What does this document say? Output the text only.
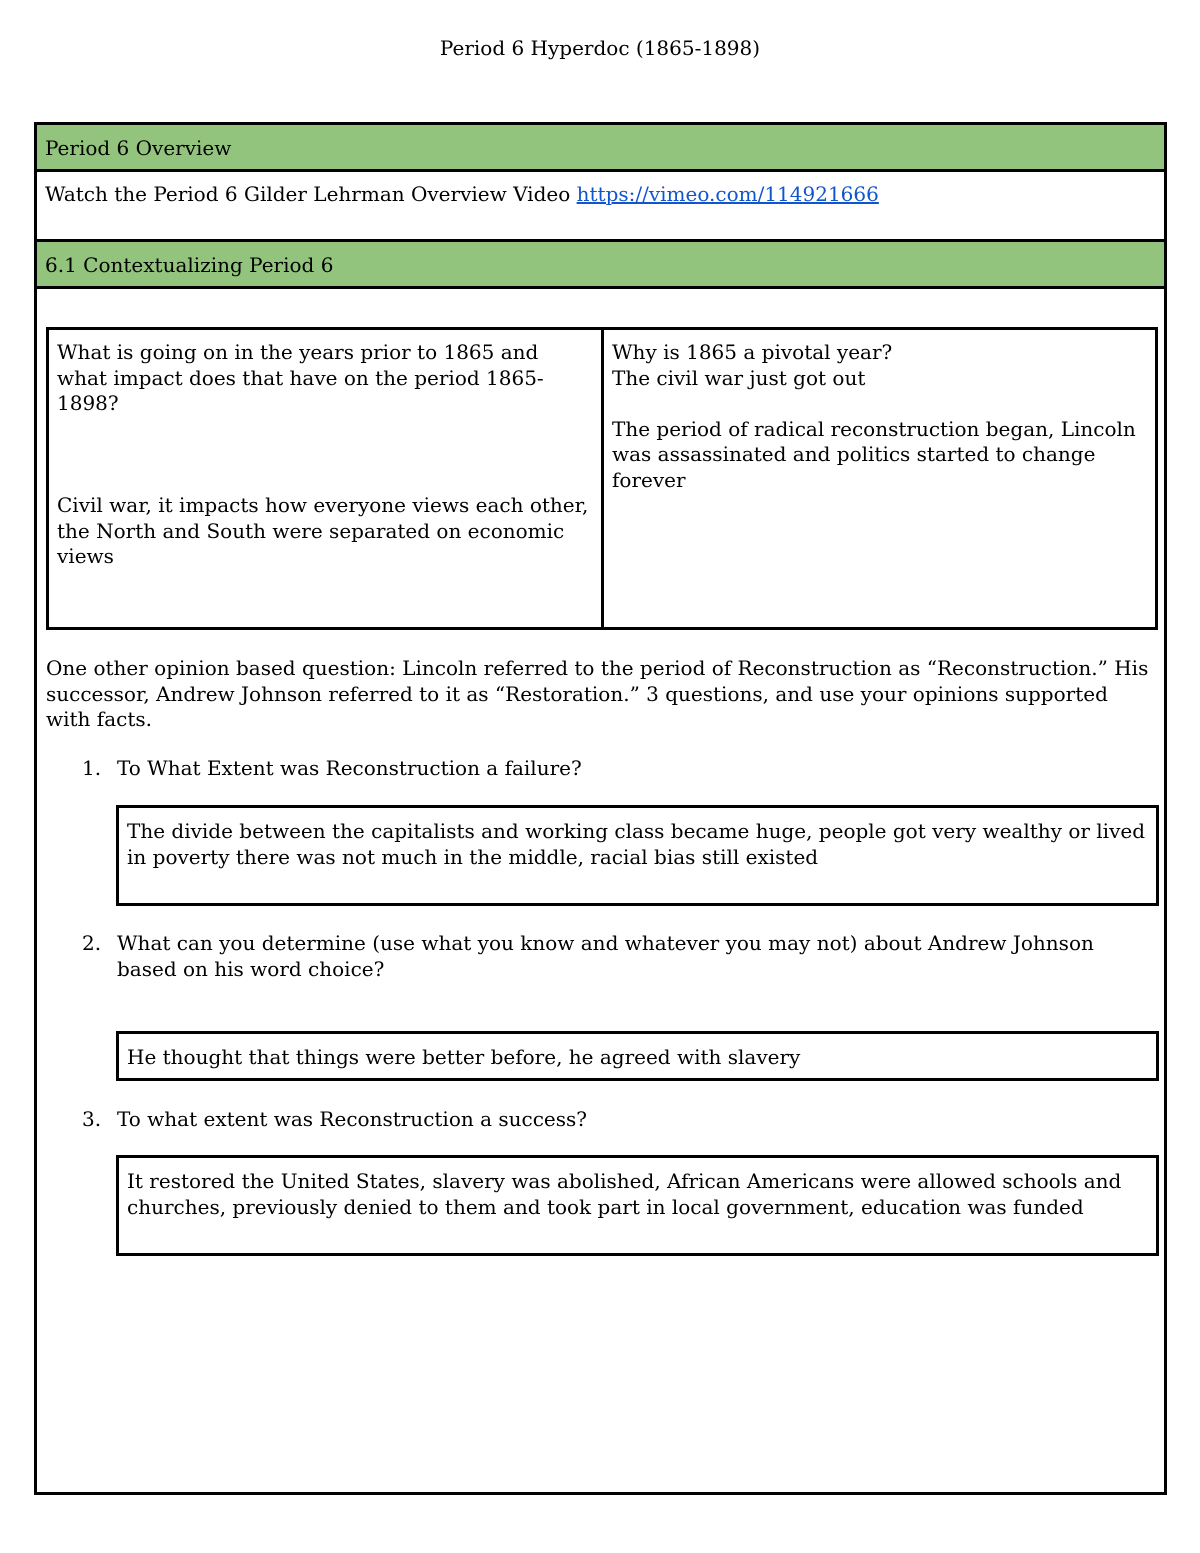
Period 6 Hyperdoc (1865-1898)
Period 6 Overview
Watch the Period 6 Gilder Lehrman Overview Video https://vimeo.com/114921666
6.1 Contextualizing Period 6
What is going on in the years prior to 1865 and what impact does that have on the period 1865-1898?
Civil war, it impacts how everyone views each other, the North and South were separated on economic views
Why is 1865 a pivotal year?
The civil war just got out
The period of radical reconstruction began, Lincoln was assassinated and politics started to change forever
One other opinion based question: Lincoln referred to the period of Reconstruction as “Reconstruction.” His successor, Andrew Johnson referred to it as “Restoration.” 3 questions, and use your opinions supported with facts.
1. To What Extent was Reconstruction a failure?
The divide between the capitalists and working class became huge, people got very wealthy or lived in poverty there was not much in the middle, racial bias still existed
2. What can you determine (use what you know and whatever you may not) about Andrew Johnson based on his word choice?
He thought that things were better before, he agreed with slavery
3. To what extent was Reconstruction a success?
It restored the United States, slavery was abolished, African Americans were allowed schools and churches, previously denied to them and took part in local government, education was funded
